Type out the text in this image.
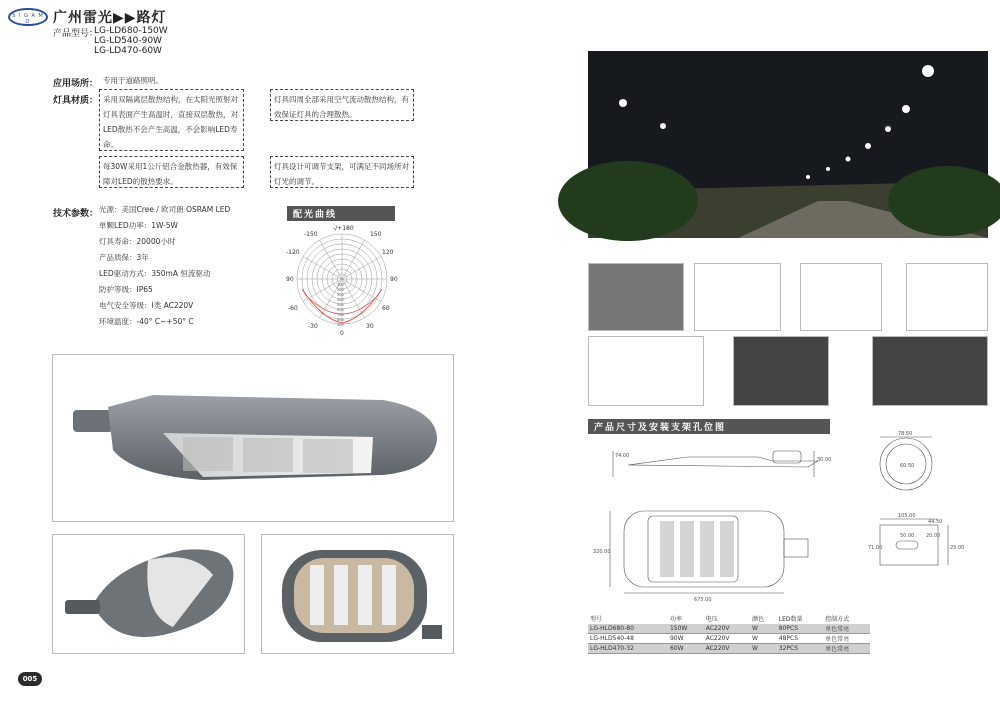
S I G A M O	广州雷光▶▶路灯
产品型号：
LG-LD680-150W
LG-LD540-90W
LG-LD470-60W
应用场所： 专用于道路照明。
灯具材质： 采用双隔离层散热结构，在太阳光照射对灯具表面产生高温时，直接双层散热，对LED散热不会产生高温，不会影响LED寿命。
灯具四周全部采用空气流动散热结构，有效保证灯具的合理散热。
每30W采用1公斤铝合金散热器，有效保障对LED的散热要求。
灯具设计可调节支架，可满足不同场所对灯光的调节。
技术参数： 光源：美国Cree / 欧司朗 OSRAM LED
单颗LED功率：1W-5W
灯具寿命：20000小时
产品质保：3年
LED驱动方式：350mA 恒流驱动
防护等级：IP65
电气安全等级：I类 AC220V
环境温度：-40° C~+50° C
配光曲线
-/+180
-150	150
-120	120
90	90
-60	60
-30	30
0
100
200
300
400
500
600
700
800
900
005
产品尺寸及安装支架孔位图
74.00
30.00
320.00
675.00
78.50
60.50
105.00
44.50
50.00 20.00
71.00	25.00
型号	功率	电压	颜色	LED数量	控制方式
LG-HLD680-80	150W	AC220V	W	80PCS	单色常亮
LG-HLD540-48	90W	AC220V	W	48PCS	单色常亮
LG-HLD470-32	60W	AC220V	W	32PCS	单色常亮
